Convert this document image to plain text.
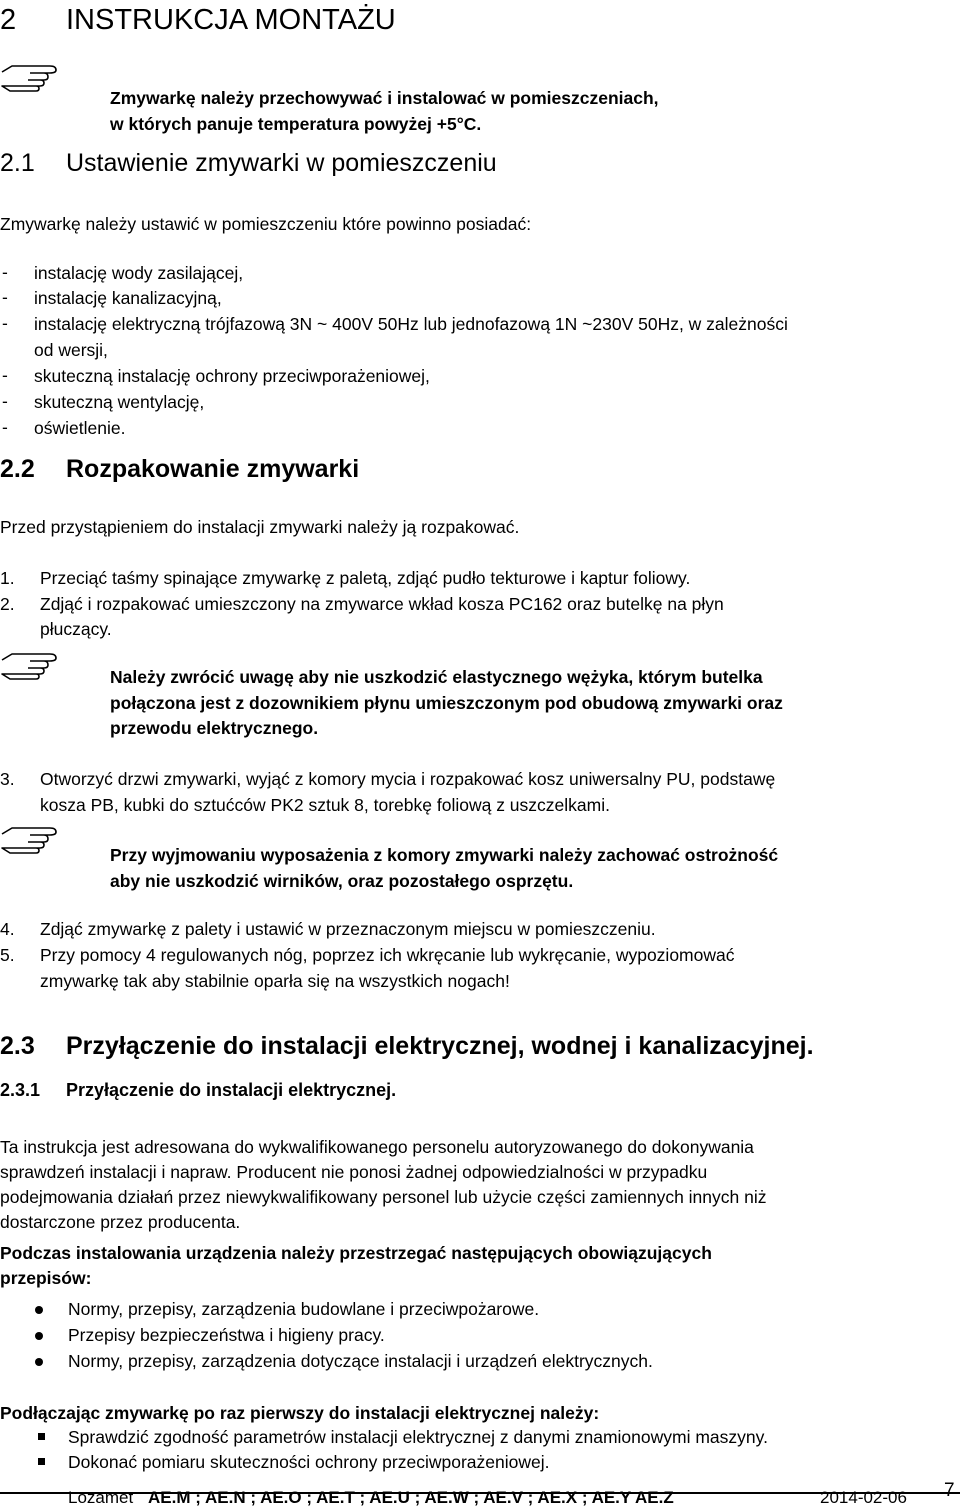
2 INSTRUKCJA MONTAŻU
Zmywarkę należy przechowywać i instalować w pomieszczeniach,
w których panuje temperatura powyżej +5°C.
2.1 Ustawienie zmywarki w pomieszczeniu
Zmywarkę należy ustawić w pomieszczeniu które powinno posiadać:
- instalację wody zasilającej,
- instalację kanalizacyjną,
- instalację elektryczną trójfazową 3N ~ 400V 50Hz lub jednofazową 1N ~230V 50Hz, w zależności
od wersji,
- skuteczną instalację ochrony przeciwporażeniowej,
- skuteczną wentylację,
- oświetlenie.
2.2 Rozpakowanie zmywarki
Przed przystąpieniem do instalacji zmywarki należy ją rozpakować.
1. Przeciąć taśmy spinające zmywarkę z paletą, zdjąć pudło tekturowe i kaptur foliowy.
2. Zdjąć i rozpakować umieszczony na zmywarce wkład kosza PC162 oraz butelkę na płyn
płuczący.
Należy zwrócić uwagę aby nie uszkodzić elastycznego wężyka, którym butelka
połączona jest z dozownikiem płynu umieszczonym pod obudową zmywarki oraz
przewodu elektrycznego.
3. Otworzyć drzwi zmywarki, wyjąć z komory mycia i rozpakować kosz uniwersalny PU, podstawę
kosza PB, kubki do sztućców PK2 sztuk 8, torebkę foliową z uszczelkami.
Przy wyjmowaniu wyposażenia z komory zmywarki należy zachować ostrożność
aby nie uszkodzić wirników, oraz pozostałego osprzętu.
4. Zdjąć zmywarkę z palety i ustawić w przeznaczonym miejscu w pomieszczeniu.
5. Przy pomocy 4 regulowanych nóg, poprzez ich wkręcanie lub wykręcanie, wypoziomować
zmywarkę tak aby stabilnie oparła się na wszystkich nogach!
2.3 Przyłączenie do instalacji elektrycznej, wodnej i kanalizacyjnej.
2.3.1 Przyłączenie do instalacji elektrycznej.
Ta instrukcja jest adresowana do wykwalifikowanego personelu autoryzowanego do dokonywania
sprawdzeń instalacji i napraw. Producent nie ponosi żadnej odpowiedzialności w przypadku
podejmowania działań przez niewykwalifikowany personel lub użycie części zamiennych innych niż
dostarczone przez producenta.
Podczas instalowania urządzenia należy przestrzegać następujących obowiązujących
przepisów:
Normy, przepisy, zarządzenia budowlane i przeciwpożarowe.
Przepisy bezpieczeństwa i higieny pracy.
Normy, przepisy, zarządzenia dotyczące instalacji i urządzeń elektrycznych.
Podłączając zmywarkę po raz pierwszy do instalacji elektrycznej należy:
Sprawdzić zgodność parametrów instalacji elektrycznej z danymi znamionowymi maszyny.
Dokonać pomiaru skuteczności ochrony przeciwporażeniowej.
Lozamet AE.M ; AE.N ; AE.O ; AE.T ; AE.U ; AE.W ; AE.V ; AE.X ; AE.Y AE.Z	2014-02-06 7
